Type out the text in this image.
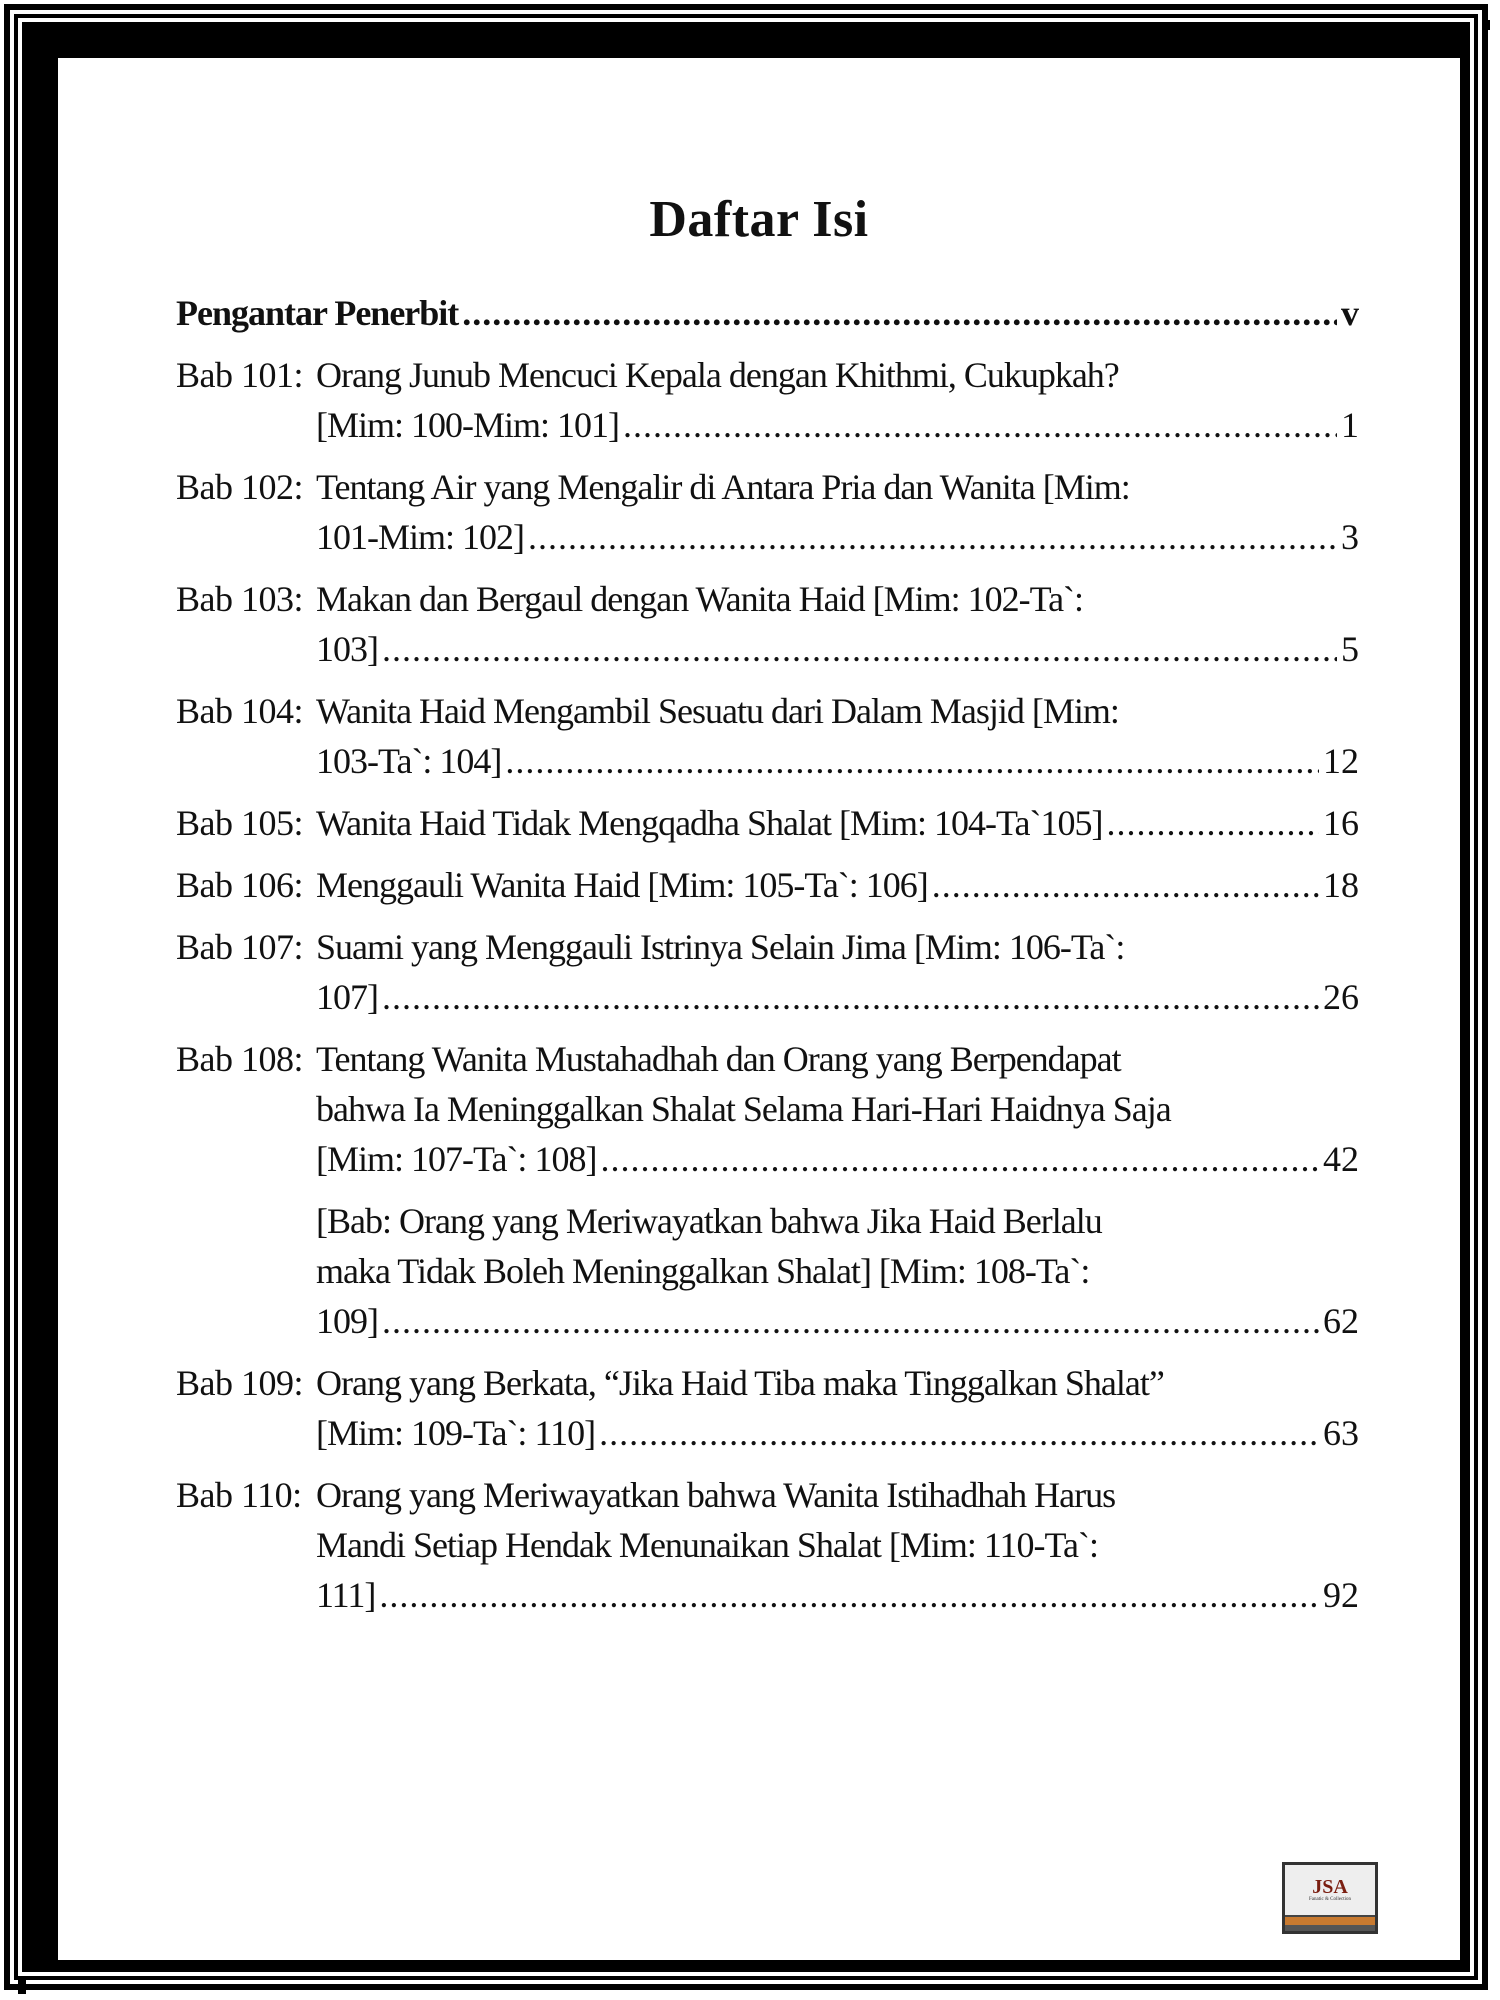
Daftar Isi
Pengantar Penerbit .....	v
Bab 101: Orang Junub Mencuci Kepala dengan Khithmi, Cukupkah?
[Mim: 100-Mim: 101] .....	1
Bab 102: Tentang Air yang Mengalir di Antara Pria dan Wanita [Mim:
101-Mim: 102] .....	3
Bab 103: Makan dan Bergaul dengan Wanita Haid [Mim: 102-Ta`:
103] .....	5
Bab 104: Wanita Haid Mengambil Sesuatu dari Dalam Masjid [Mim:
103-Ta`: 104] .....	12
Bab 105: Wanita Haid Tidak Mengqadha Shalat [Mim: 104-Ta`105] .....	16
Bab 106: Menggauli Wanita Haid [Mim: 105-Ta`: 106] .....	18
Bab 107: Suami yang Menggauli Istrinya Selain Jima [Mim: 106-Ta`:
107] .....	26
Bab 108: Tentang Wanita Mustahadhah dan Orang yang Berpendapat
bahwa Ia Meninggalkan Shalat Selama Hari-Hari Haidnya Saja
[Mim: 107-Ta`: 108] .....	42
[Bab: Orang yang Meriwayatkan bahwa Jika Haid Berlalu
maka Tidak Boleh Meninggalkan Shalat] [Mim: 108-Ta`:
109] .....	62
Bab 109: Orang yang Berkata, “Jika Haid Tiba maka Tinggalkan Shalat”
[Mim: 109-Ta`: 110] .....	63
Bab 110: Orang yang Meriwayatkan bahwa Wanita Istihadhah Harus
Mandi Setiap Hendak Menunaikan Shalat [Mim: 110-Ta`:
111] .....	92
JSA
Fanatic & Collection
